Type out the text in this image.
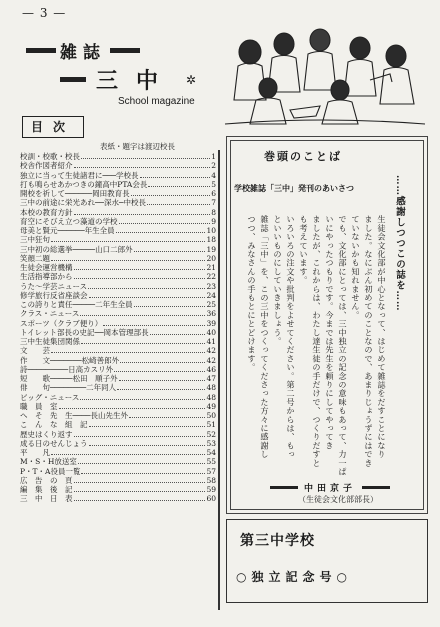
— 3 —
雑誌
三中 ✲
School magazine
目次
表紙・題字は渡辺校長
校訓・校歌・校長	1
校舎作図者紹介	2
独立に当って生徒諸君に───学校長	4
打も鳴らせあかつきの鐘高中PTA会長	5
開校を祈して──────岡田教育長	6
三中の前途に栄光あれ──深水─中校長	7
本校の教育方針	8
育空にそびえ立つ藻道の学校	9
母美と賢元──────年生全員	10
三中狂句	18
三中初の総選挙─────山口二郎外	19
笑顔二題	20
生徒会運営機構	21
生活指導部から	22
うた〜学芸ニュース	23
修学旅行反省座談会	24
この誇りと責任─────二年生全員	25
クラス・ニュース	36
スポーツ（クラブ便り）	39
トイレット部長の史記──岡本管理部長	40
三中生徒集団関係	41
文　　芸	42
作　　文───────松崎善郎外	42
詩─────────日高カスリ外	46
短　　歌─────松田　順子外	47
俳　　句────────二年同人	48
ビッグ・ニュース	48
職　員　室	49
へ　そ　先　生────長山先生外	50
こ　ん　な　組　記	51
歴史はくり返す	52
成る日のせんじょう	53
平　　凡	54
M・S・H放送室	55
P・T・A役員一覧	57
広　告　の　頁	58
編　集　後　記	59
三　中　日　表	60
巻頭のことば
学校雑誌「三中」発刊のあいさつ	……感謝しつつこの誌を……
生徒会文化部が中心となって、はじめて雑誌をだすことになり
ました。なにぶん初めてのことなので、あまりじょうずにはでき
ていないかも知れません。
でも、文化部にとっては、三中独立の記念の意味もあって、力一ぱ
いにやったつもりです。今までは先生を頼りにしてやってき
ましたが、これからは、わたし達生徒の手だけで、つくりだすと
も考えています。
いろいろの注文や批判をよせてください。第二号からは、もっ
といいものにしていきましょう。
雑誌「三中」を、この三中をつくってくださった方々に感謝し
つつ、みなさんの手もとにとどけます。
中田京子
（生徒会文化部部長）
第三中学校
○独立記念号○
